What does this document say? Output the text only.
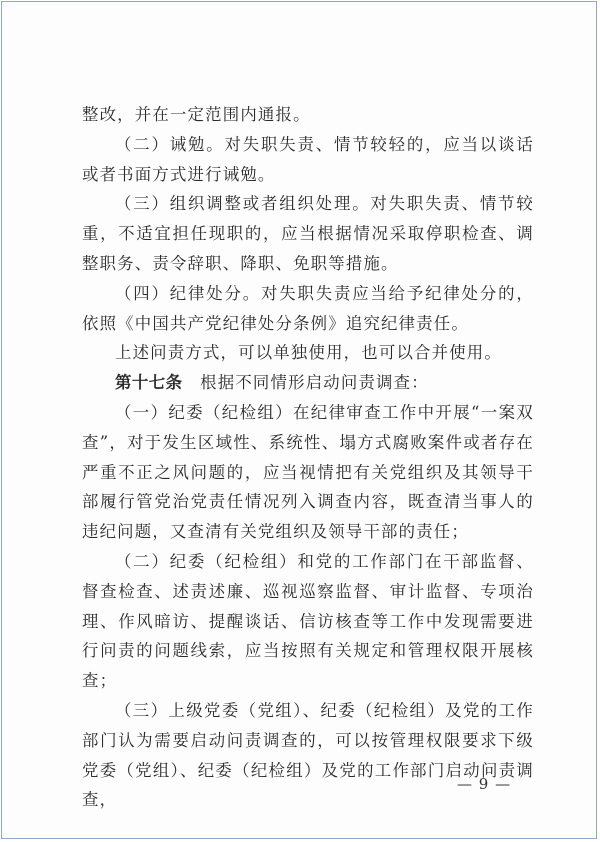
整改，并在一定范围内通报。

（二）诫勉。对失职失责、情节较轻的，应当以谈话或者书面方式进行诫勉。

（三）组织调整或者组织处理。对失职失责、情节较重，不适宜担任现职的，应当根据情况采取停职检查、调整职务、责令辞职、降职、免职等措施。

（四）纪律处分。对失职失责应当给予纪律处分的，依照《中国共产党纪律处分条例》追究纪律责任。

上述问责方式，可以单独使用，也可以合并使用。

第十七条　根据不同情形启动问责调查：

（一）纪委（纪检组）在纪律审查工作中开展“一案双查”，对于发生区域性、系统性、塌方式腐败案件或者存在严重不正之风问题的，应当视情把有关党组织及其领导干部履行管党治党责任情况列入调查内容，既查清当事人的违纪问题，又查清有关党组织及领导干部的责任；

（二）纪委（纪检组）和党的工作部门在干部监督、督查检查、述责述廉、巡视巡察监督、审计监督、专项治理、作风暗访、提醒谈话、信访核查等工作中发现需要进行问责的问题线索，应当按照有关规定和管理权限开展核查；

（三）上级党委（党组）、纪委（纪检组）及党的工作部门认为需要启动问责调查的，可以按管理权限要求下级党委（党组）、纪委（纪检组）及党的工作部门启动问责调查，

— 9 —
